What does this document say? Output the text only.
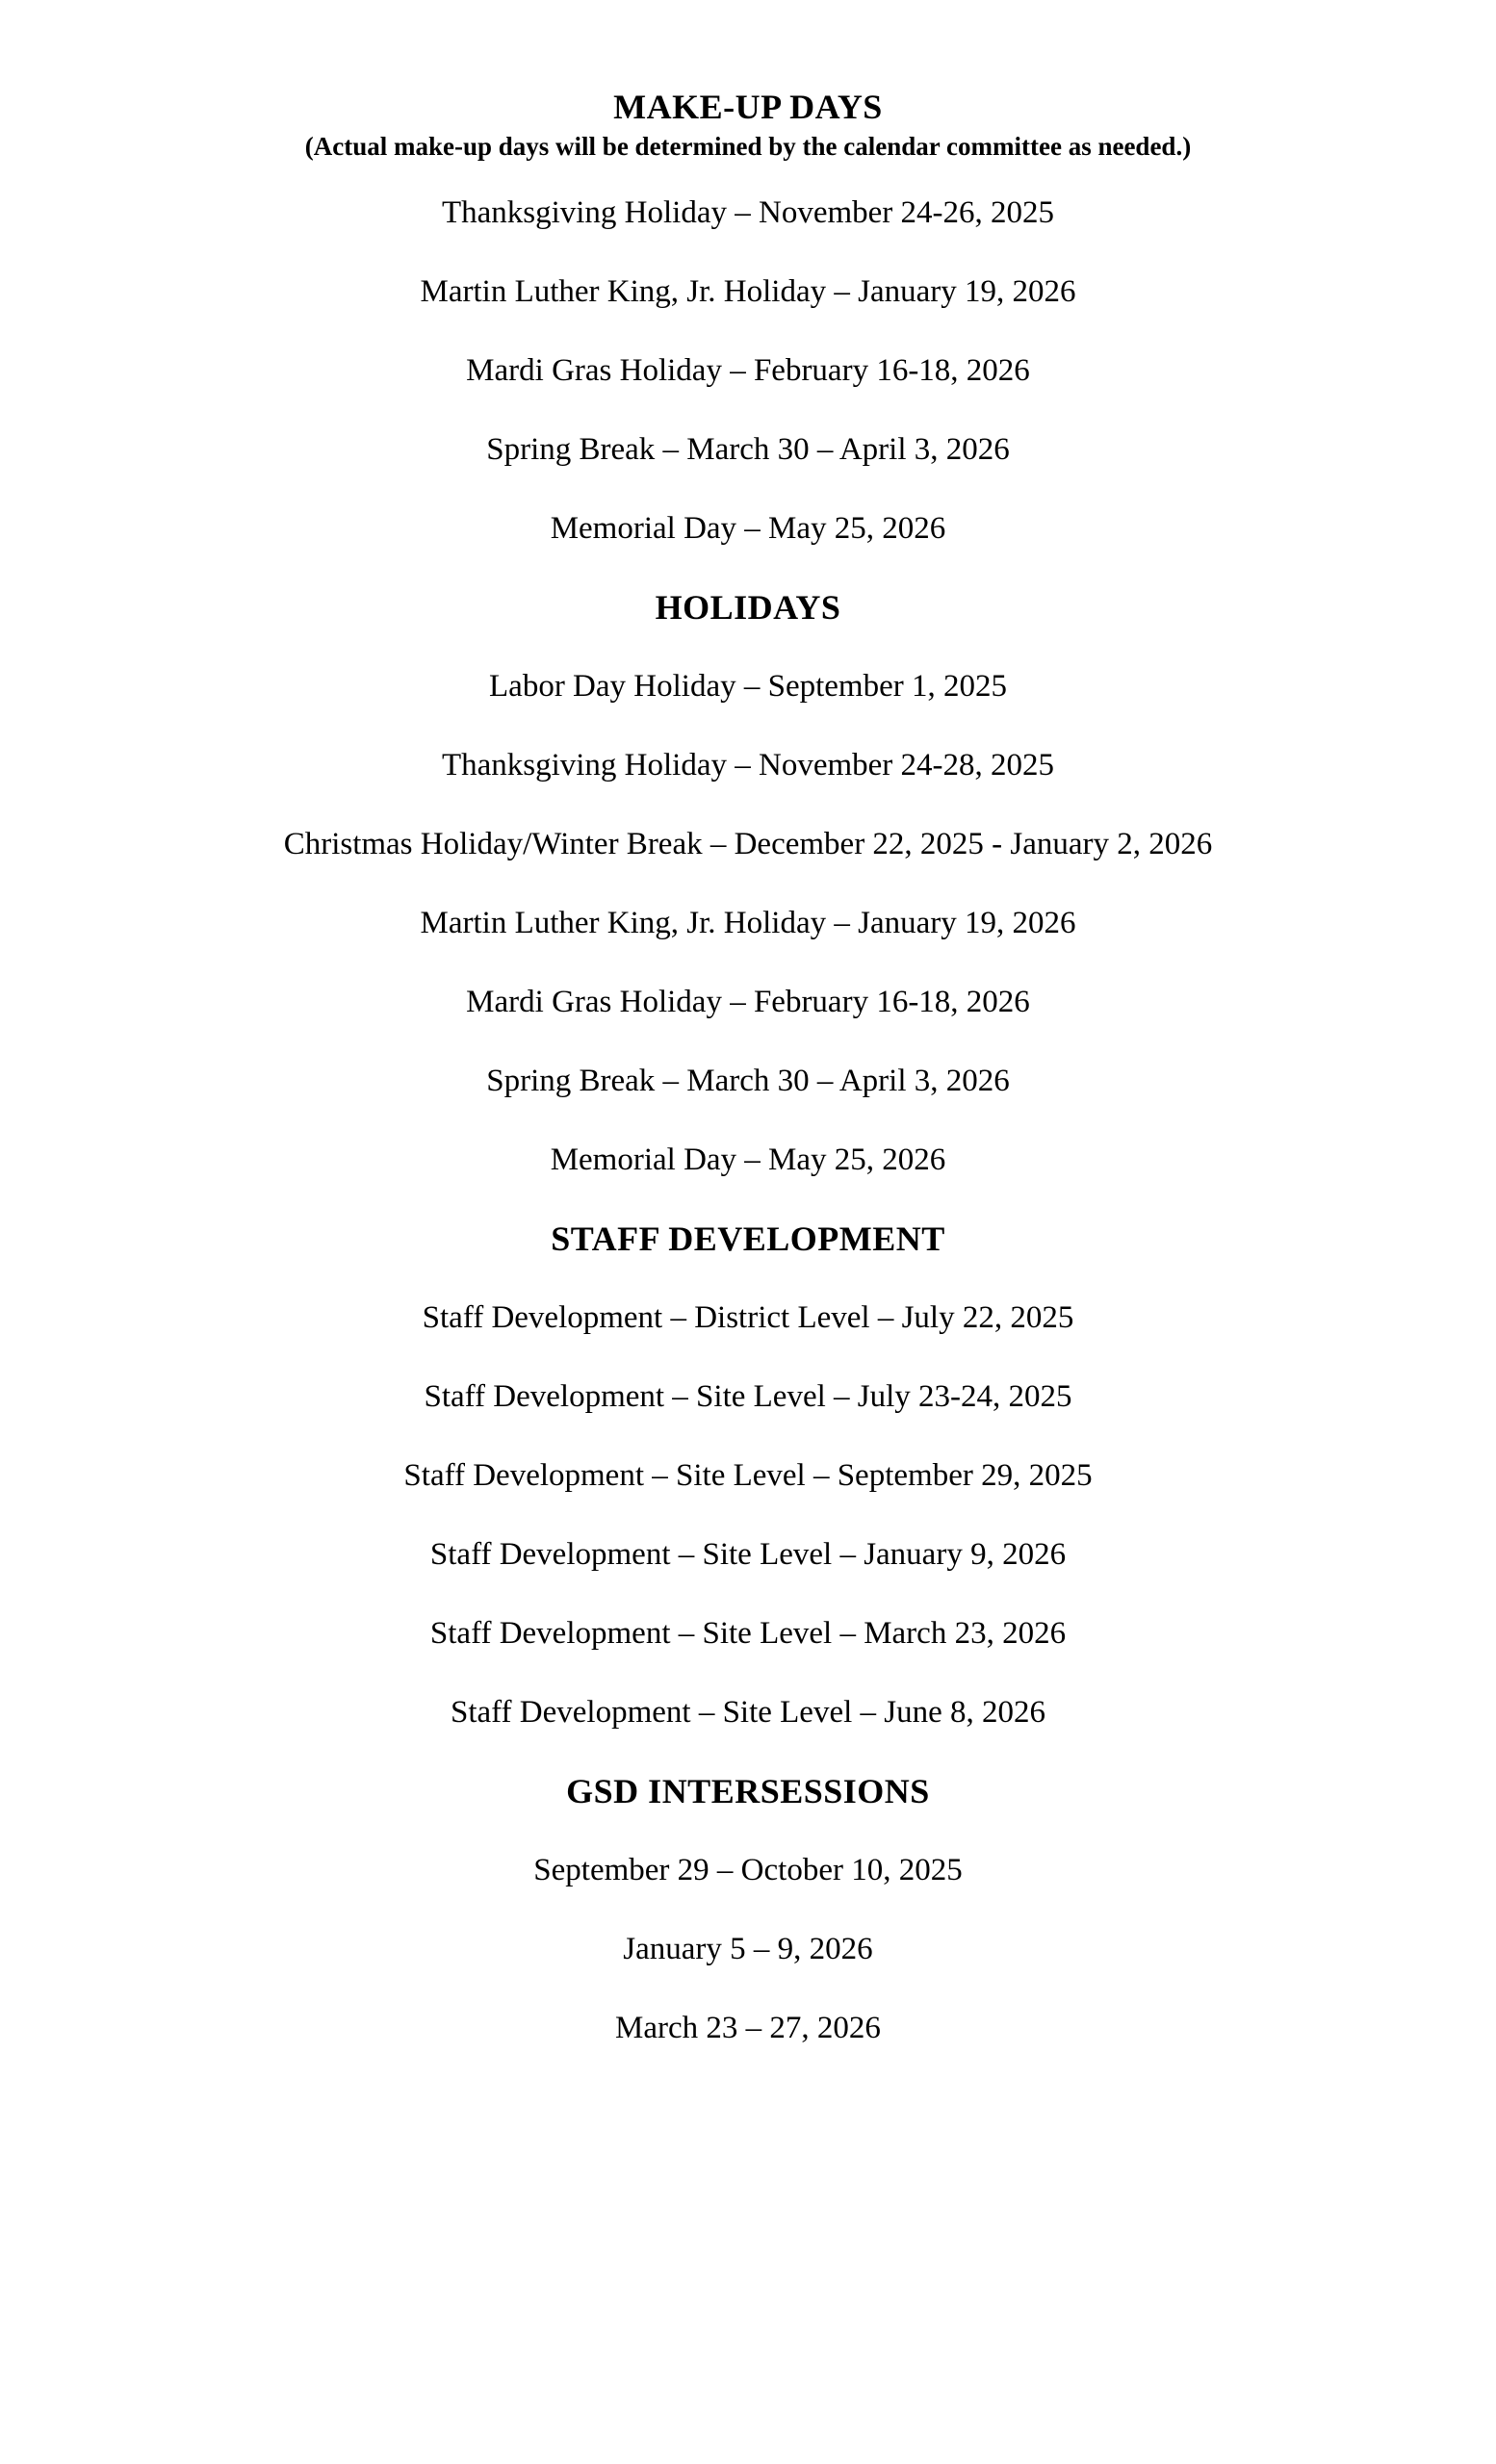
MAKE-UP DAYS
(Actual make-up days will be determined by the calendar committee as needed.)
Thanksgiving Holiday – November 24-26, 2025
Martin Luther King, Jr. Holiday – January 19, 2026
Mardi Gras Holiday – February 16-18, 2026
Spring Break – March 30 – April 3, 2026
Memorial Day – May 25, 2026
HOLIDAYS
Labor Day Holiday – September 1, 2025
Thanksgiving Holiday – November 24-28, 2025
Christmas Holiday/Winter Break – December 22, 2025 - January 2, 2026
Martin Luther King, Jr. Holiday – January 19, 2026
Mardi Gras Holiday – February 16-18, 2026
Spring Break – March 30 – April 3, 2026
Memorial Day – May 25, 2026
STAFF DEVELOPMENT
Staff Development – District Level – July 22, 2025
Staff Development – Site Level – July 23-24, 2025
Staff Development – Site Level – September 29, 2025
Staff Development – Site Level – January 9, 2026
Staff Development – Site Level – March 23, 2026
Staff Development – Site Level – June 8, 2026
GSD INTERSESSIONS
September 29 – October 10, 2025
January 5 – 9, 2026
March 23 – 27, 2026
